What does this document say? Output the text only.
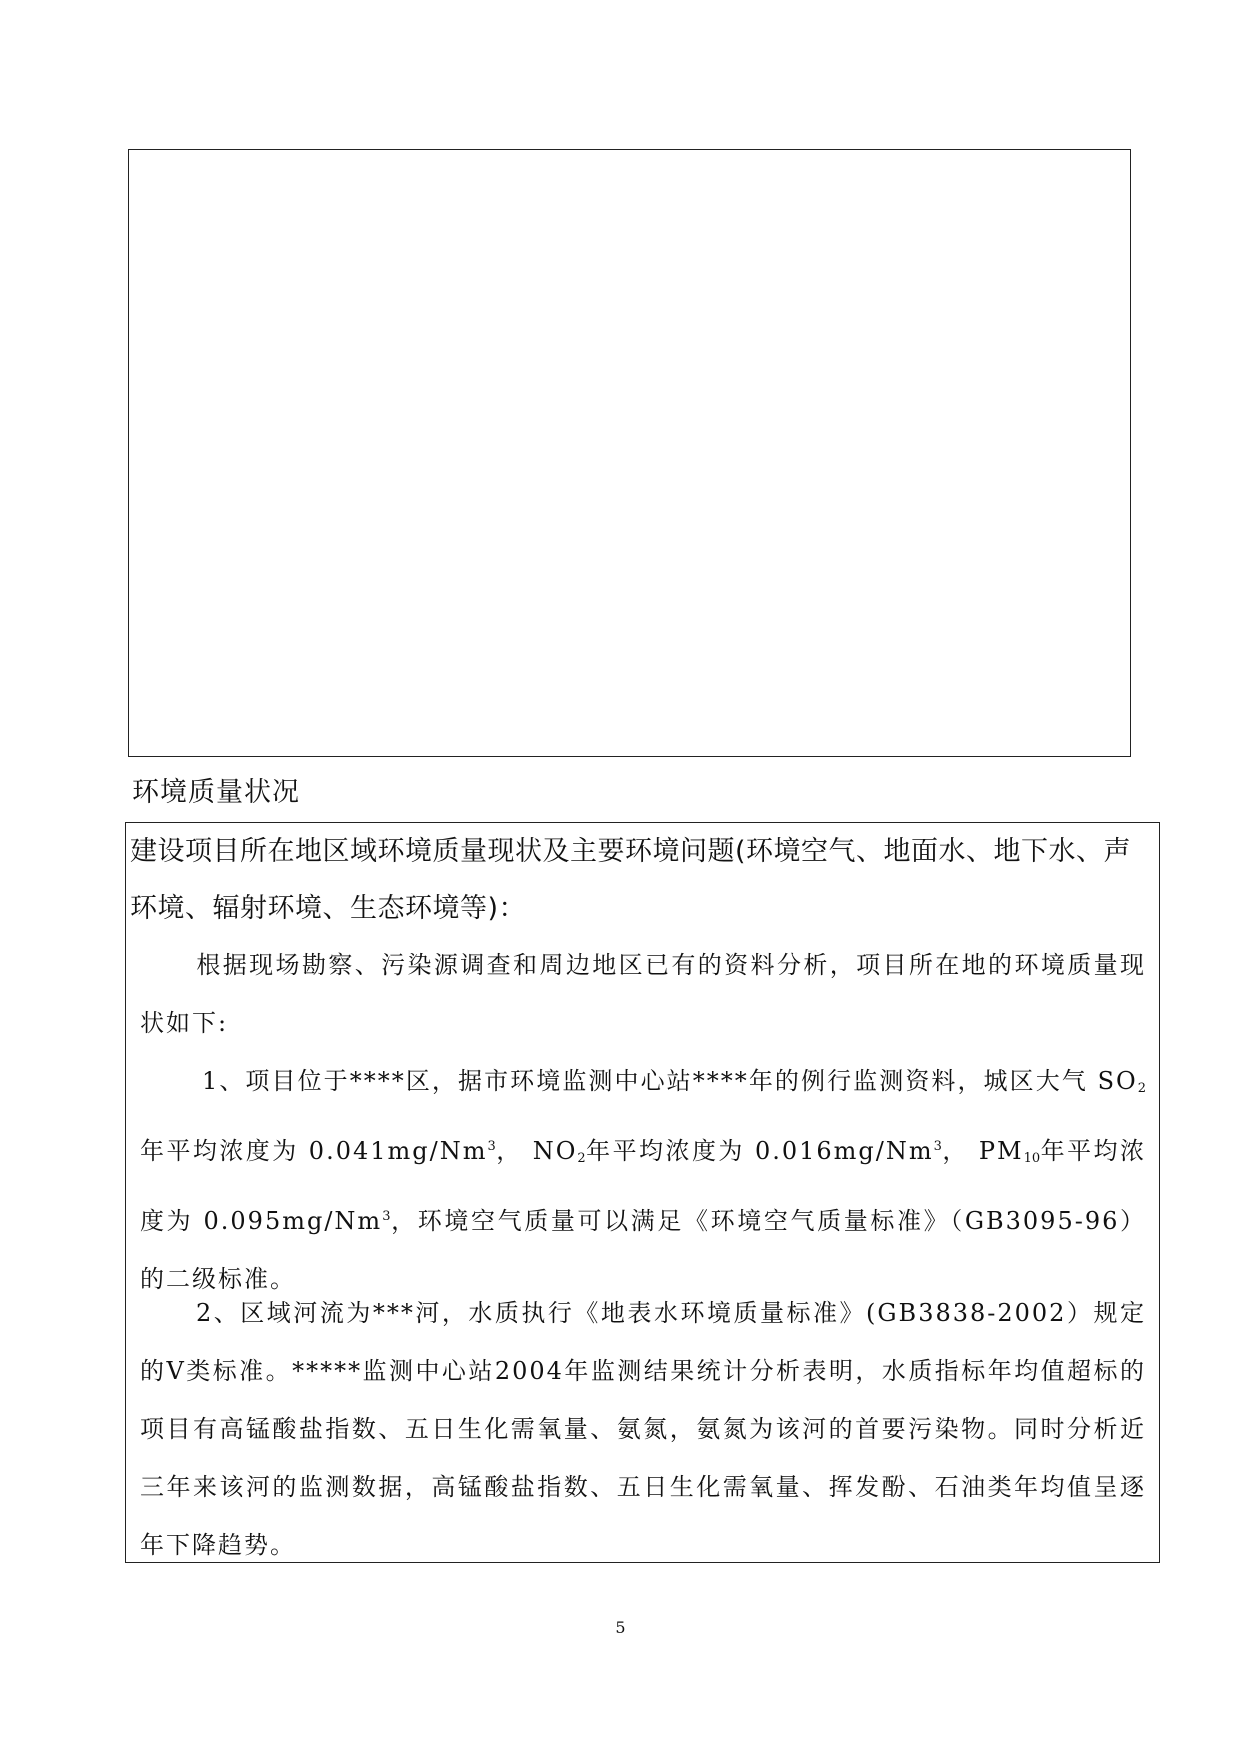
环境质量状况
建设项目所在地区域环境质量现状及主要环境问题(环境空气、地面水、地下水、声环境、辐射环境、生态环境等)：
根据现场勘察、污染源调查和周边地区已有的资料分析，项目所在地的环境质量现状如下:
1、项目位于****区，据市环境监测中心站****年的例行监测资料，城区大气 $SO_2$年平均浓度为 0.041mg/Nm$^3$， $NO_2$年平均浓度为 0.016mg/Nm$^3$， $PM_{10}$年平均浓度为 0.095mg/Nm$^3$，环境空气质量可以满足《环境空气质量标准》（GB3095-96）的二级标准。
2、区域河流为***河，水质执行《地表水环境质量标准》(GB3838-2002）规定的Ⅴ类标准。*****监测中心站2004年监测结果统计分析表明，水质指标年均值超标的项目有高锰酸盐指数、五日生化需氧量、氨氮，氨氮为该河的首要污染物。同时分析近三年来该河的监测数据，高锰酸盐指数、五日生化需氧量、挥发酚、石油类年均值呈逐年下降趋势。
5
